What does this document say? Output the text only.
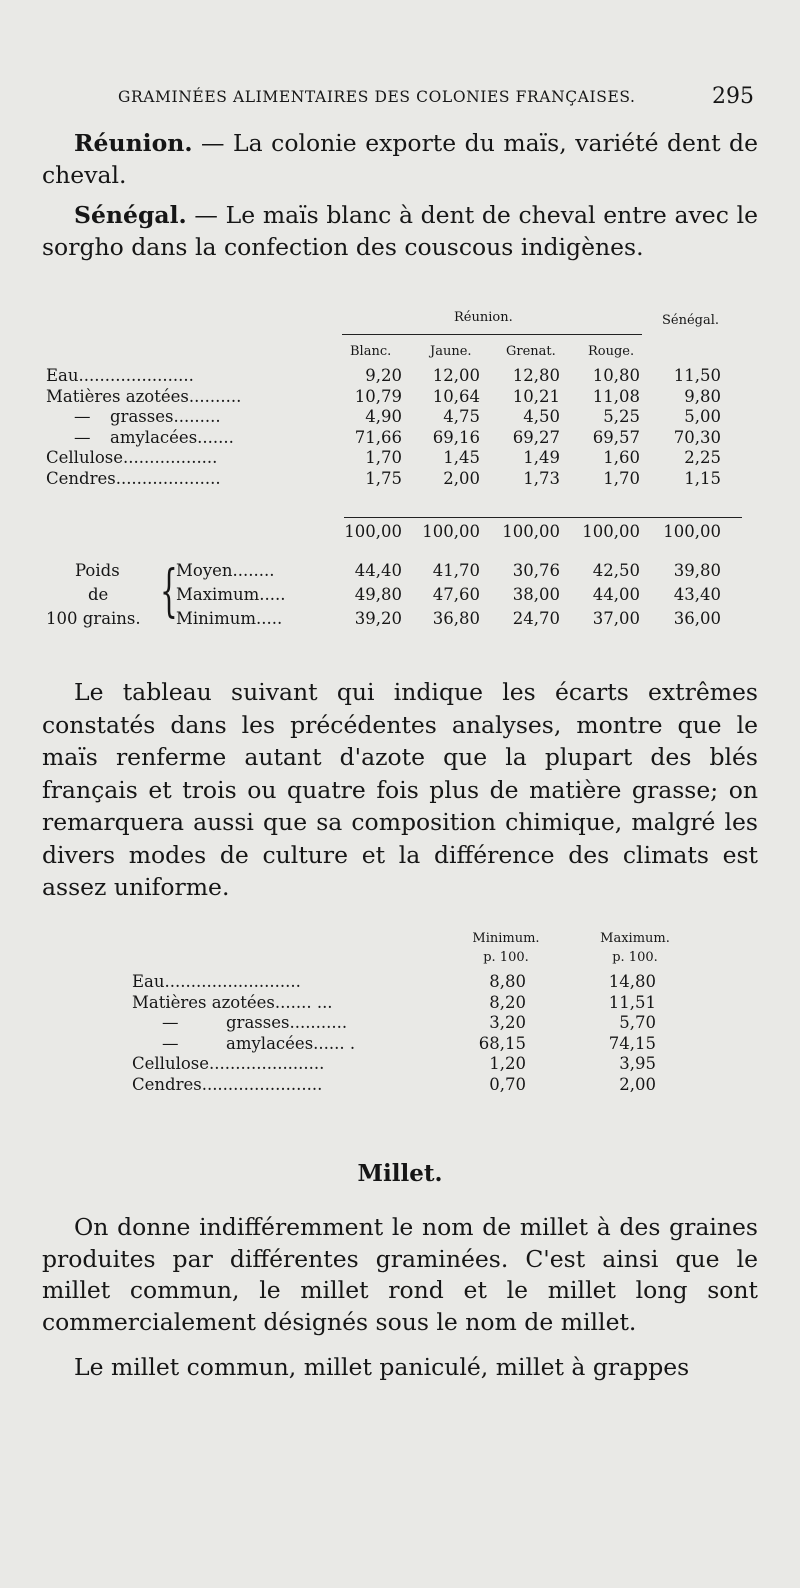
GRAMINÉES ALIMENTAIRES DES COLONIES FRANÇAISES.	295
Réunion. — La colonie exporte du maïs, variété dent de cheval.
Sénégal. — Le maïs blanc à dent de cheval entre avec le sorgho dans la confection des couscous indigènes.
Réunion.	Sénégal.
Blanc.	Jaune.	Grenat. Rouge.
Eau......................	9,20	12,00	12,80	10,80	11,50
Matières azotées..........	10,79	10,64	10,21	11,08	9,80
— grasses.........	4,90	4,75	4,50	5,25	5,00
— amylacées.......	71,66	69,16	69,27	69,57	70,30
Cellulose..................	1,70	1,45	1,49	1,60	2,25
Cendres....................	1,75	2,00	1,73	1,70	1,15
100,00	100,00	100,00	100,00	100,00
Poids
de
100 grains. {
Moyen........	44,40	41,70	30,76	42,50	39,80
Maximum.....	49,80	47,60	38,00	44,00	43,40
Minimum.....	39,20	36,80	24,70	37,00	36,00
Le tableau suivant qui indique les écarts extrêmes constatés dans les précédentes analyses, montre que le maïs renferme autant d'azote que la plupart des blés français et trois ou quatre fois plus de matière grasse; on remarquera aussi que sa composition chimique, malgré les divers modes de culture et la différence des climats est assez uniforme.
Minimum.	Maximum.
p. 100.	p. 100.
Eau..........................	8,80	14,80
Matières azotées....... ...	8,20	11,51
—	grasses...........	3,20	5,70
—	amylacées...... .	68,15	74,15
Cellulose......................	1,20	3,95
Cendres.......................	0,70	2,00
Millet.
On donne indifféremment le nom de millet à des graines produites par différentes graminées. C'est ainsi que le millet commun, le millet rond et le millet long sont commercialement désignés sous le nom de millet.
Le millet commun, millet paniculé, millet à grappes
